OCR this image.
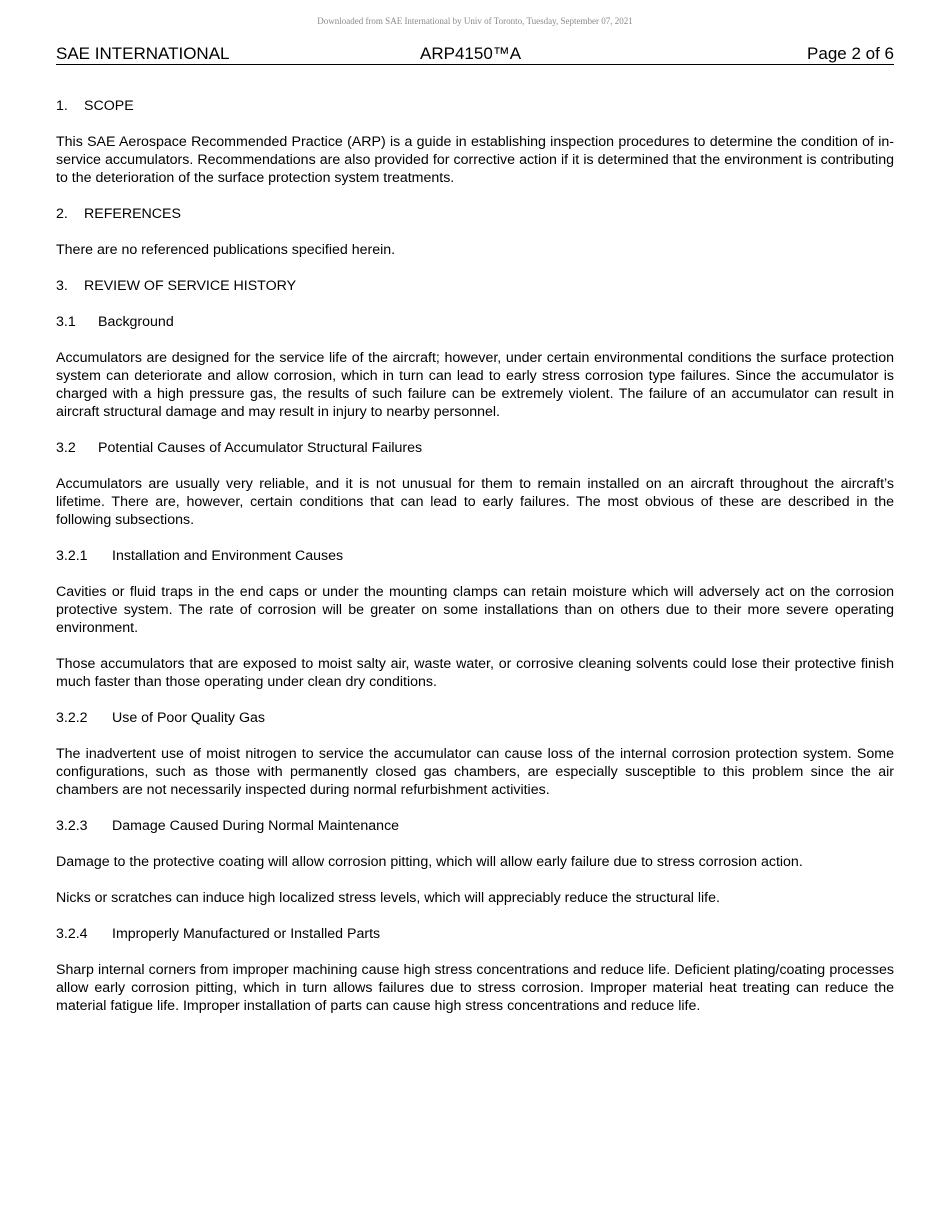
Downloaded from SAE International by Univ of Toronto, Tuesday, September 07, 2021
SAE INTERNATIONAL	ARP4150™A	Page 2 of 6
1. SCOPE

This SAE Aerospace Recommended Practice (ARP) is a guide in establishing inspection procedures to determine the condition of in-service accumulators. Recommendations are also provided for corrective action if it is determined that the environment is contributing to the deterioration of the surface protection system treatments.

2. REFERENCES

There are no referenced publications specified herein.

3. REVIEW OF SERVICE HISTORY
3.1 Background

Accumulators are designed for the service life of the aircraft; however, under certain environmental conditions the surface protection system can deteriorate and allow corrosion, which in turn can lead to early stress corrosion type failures. Since the accumulator is charged with a high pressure gas, the results of such failure can be extremely violent. The failure of an accumulator can result in aircraft structural damage and may result in injury to nearby personnel.

3.2 Potential Causes of Accumulator Structural Failures

Accumulators are usually very reliable, and it is not unusual for them to remain installed on an aircraft throughout the aircraft’s lifetime. There are, however, certain conditions that can lead to early failures. The most obvious of these are described in the following subsections.

3.2.1 Installation and Environment Causes

Cavities or fluid traps in the end caps or under the mounting clamps can retain moisture which will adversely act on the corrosion protective system. The rate of corrosion will be greater on some installations than on others due to their more severe operating environment.

Those accumulators that are exposed to moist salty air, waste water, or corrosive cleaning solvents could lose their protective finish much faster than those operating under clean dry conditions.

3.2.2 Use of Poor Quality Gas

The inadvertent use of moist nitrogen to service the accumulator can cause loss of the internal corrosion protection system. Some configurations, such as those with permanently closed gas chambers, are especially susceptible to this problem since the air chambers are not necessarily inspected during normal refurbishment activities.

3.2.3 Damage Caused During Normal Maintenance

Damage to the protective coating will allow corrosion pitting, which will allow early failure due to stress corrosion action.

Nicks or scratches can induce high localized stress levels, which will appreciably reduce the structural life.

3.2.4 Improperly Manufactured or Installed Parts

Sharp internal corners from improper machining cause high stress concentrations and reduce life. Deficient plating/coating processes allow early corrosion pitting, which in turn allows failures due to stress corrosion. Improper material heat treating can reduce the material fatigue life. Improper installation of parts can cause high stress concentrations and reduce life.
